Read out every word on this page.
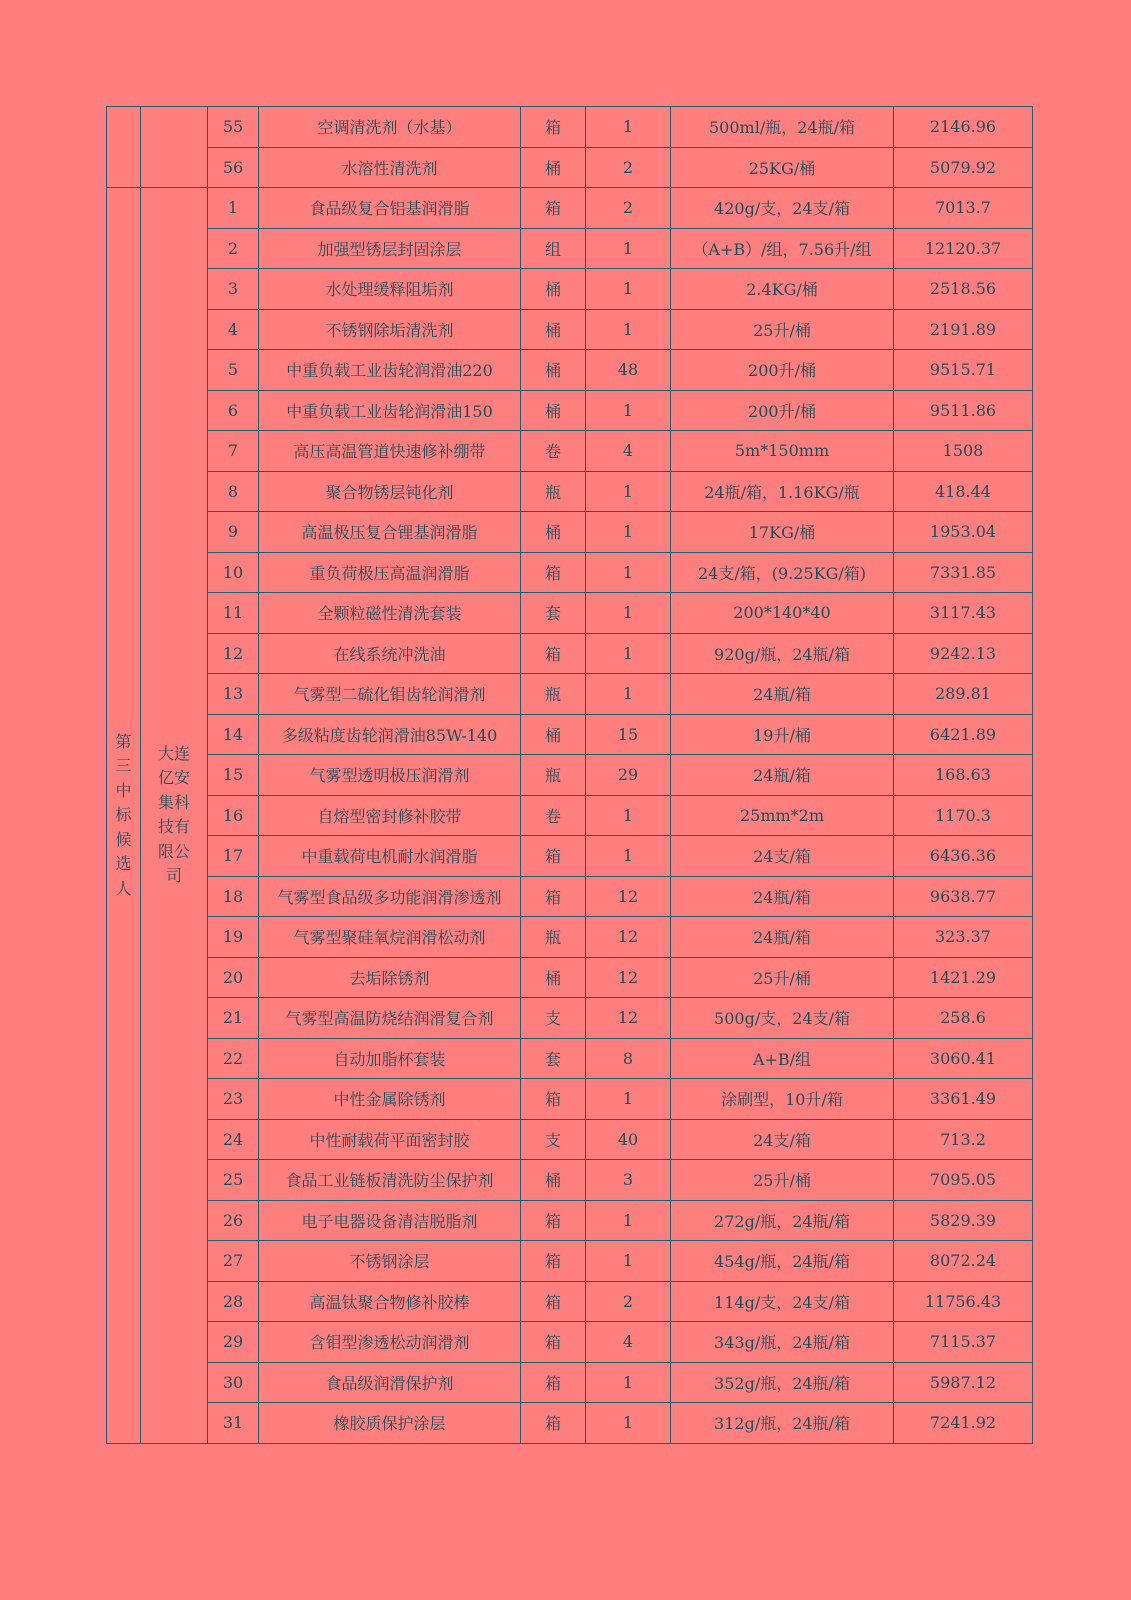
		55	空调清洗剂（水基）	箱	1	500ml/瓶，24瓶/箱	2146.96
		56	水溶性清洗剂	桶	2	25KG/桶	5079.92
第三中标候选人	大连亿安集科技有限公司	1	食品级复合铝基润滑脂	箱	2	420g/支，24支/箱	7013.7
		2	加强型锈层封固涂层	组	1	（A+B）/组，7.56升/组	12120.37
		3	水处理缓释阻垢剂	桶	1	2.4KG/桶	2518.56
		4	不锈钢除垢清洗剂	桶	1	25升/桶	2191.89
		5	中重负载工业齿轮润滑油220	桶	48	200升/桶	9515.71
		6	中重负载工业齿轮润滑油150	桶	1	200升/桶	9511.86
		7	高压高温管道快速修补绷带	卷	4	5m*150mm	1508
		8	聚合物锈层钝化剂	瓶	1	24瓶/箱，1.16KG/瓶	418.44
		9	高温极压复合锂基润滑脂	桶	1	17KG/桶	1953.04
		10	重负荷极压高温润滑脂	箱	1	24支/箱，(9.25KG/箱)	7331.85
		11	全颗粒磁性清洗套装	套	1	200*140*40	3117.43
		12	在线系统冲洗油	箱	1	920g/瓶，24瓶/箱	9242.13
		13	气雾型二硫化钼齿轮润滑剂	瓶	1	24瓶/箱	289.81
		14	多级粘度齿轮润滑油85W-140	桶	15	19升/桶	6421.89
		15	气雾型透明极压润滑剂	瓶	29	24瓶/箱	168.63
		16	自熔型密封修补胶带	卷	1	25mm*2m	1170.3
		17	中重载荷电机耐水润滑脂	箱	1	24支/箱	6436.36
		18	气雾型食品级多功能润滑渗透剂	箱	12	24瓶/箱	9638.77
		19	气雾型聚硅氧烷润滑松动剂	瓶	12	24瓶/箱	323.37
		20	去垢除锈剂	桶	12	25升/桶	1421.29
		21	气雾型高温防烧结润滑复合剂	支	12	500g/支，24支/箱	258.6
		22	自动加脂杯套装	套	8	A+B/组	3060.41
		23	中性金属除锈剂	箱	1	涂刷型，10升/箱	3361.49
		24	中性耐载荷平面密封胶	支	40	24支/箱	713.2
		25	食品工业链板清洗防尘保护剂	桶	3	25升/桶	7095.05
		26	电子电器设备清洁脱脂剂	箱	1	272g/瓶，24瓶/箱	5829.39
		27	不锈钢涂层	箱	1	454g/瓶，24瓶/箱	8072.24
		28	高温钛聚合物修补胶棒	箱	2	114g/支，24支/箱	11756.43
		29	含钼型渗透松动润滑剂	箱	4	343g/瓶，24瓶/箱	7115.37
		30	食品级润滑保护剂	箱	1	352g/瓶，24瓶/箱	5987.12
		31	橡胶质保护涂层	箱	1	312g/瓶，24瓶/箱	7241.92
